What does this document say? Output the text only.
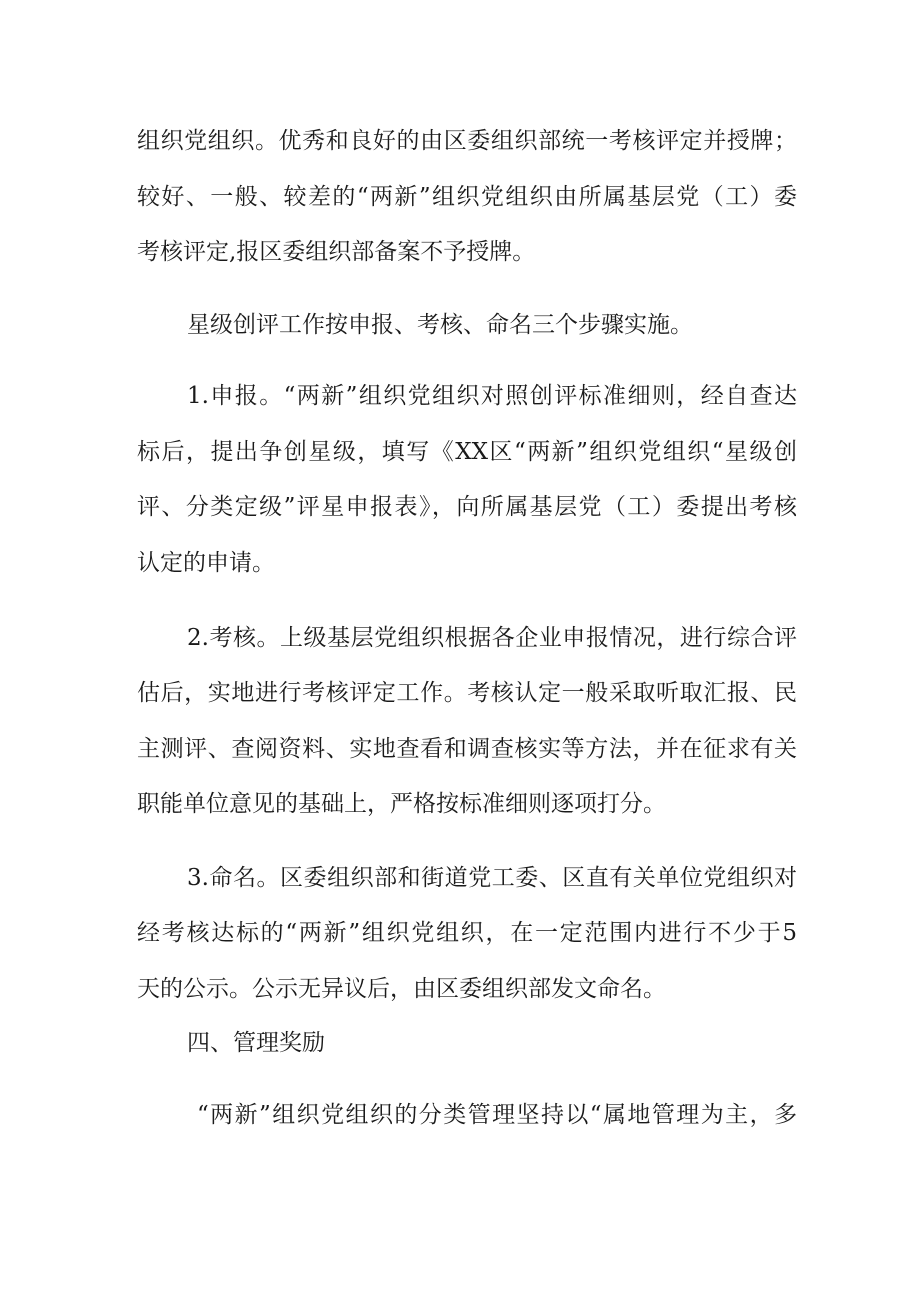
组织党组织。优秀和良好的由区委组织部统一考核评定并授牌；
较好、一般、较差的“两新”组织党组织由所属基层党（工）委
考核评定,报区委组织部备案不予授牌。
星级创评工作按申报、考核、命名三个步骤实施。
1.申报。“两新”组织党组织对照创评标准细则，经自查达
标后，提出争创星级，填写《XX区“两新”组织党组织“星级创
评、分类定级”评星申报表》，向所属基层党（工）委提出考核
认定的申请。
2.考核。上级基层党组织根据各企业申报情况，进行综合评
估后，实地进行考核评定工作。考核认定一般采取听取汇报、民
主测评、查阅资料、实地查看和调查核实等方法，并在征求有关
职能单位意见的基础上，严格按标准细则逐项打分。
3.命名。区委组织部和街道党工委、区直有关单位党组织对
经考核达标的“两新”组织党组织，在一定范围内进行不少于5
天的公示。公示无异议后，由区委组织部发文命名。
四、管理奖励
“两新”组织党组织的分类管理坚持以“属地管理为主，多
